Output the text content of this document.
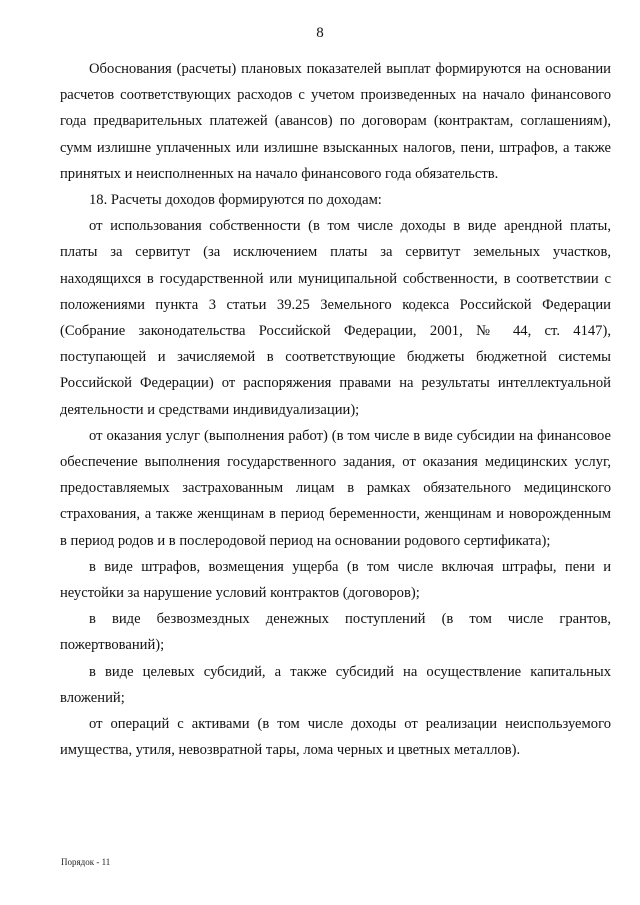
8

Обоснования (расчеты) плановых показателей выплат формируются на основании расчетов соответствующих расходов с учетом произведенных на начало финансового года предварительных платежей (авансов) по договорам (контрактам, соглашениям), сумм излишне уплаченных или излишне взысканных налогов, пени, штрафов, а также принятых и неисполненных на начало финансового года обязательств.

18. Расчеты доходов формируются по доходам:

от использования собственности (в том числе доходы в виде арендной платы, платы за сервитут (за исключением платы за сервитут земельных участков, находящихся в государственной или муниципальной собственности, в соответствии с положениями пункта 3 статьи 39.25 Земельного кодекса Российской Федерации (Собрание законодательства Российской Федерации, 2001, № 44, ст. 4147), поступающей и зачисляемой в соответствующие бюджеты бюджетной системы Российской Федерации) от распоряжения правами на результаты интеллектуальной деятельности и средствами индивидуализации);

от оказания услуг (выполнения работ) (в том числе в виде субсидии на финансовое обеспечение выполнения государственного задания, от оказания медицинских услуг, предоставляемых застрахованным лицам в рамках обязательного медицинского страхования, а также женщинам в период беременности, женщинам и новорожденным в период родов и в послеродовой период на основании родового сертификата);

в виде штрафов, возмещения ущерба (в том числе включая штрафы, пени и неустойки за нарушение условий контрактов (договоров);

в виде безвозмездных денежных поступлений (в том числе грантов, пожертвований);

в виде целевых субсидий, а также субсидий на осуществление капитальных вложений;

от операций с активами (в том числе доходы от реализации неиспользуемого имущества, утиля, невозвратной тары, лома черных и цветных металлов).

Порядок - 11
